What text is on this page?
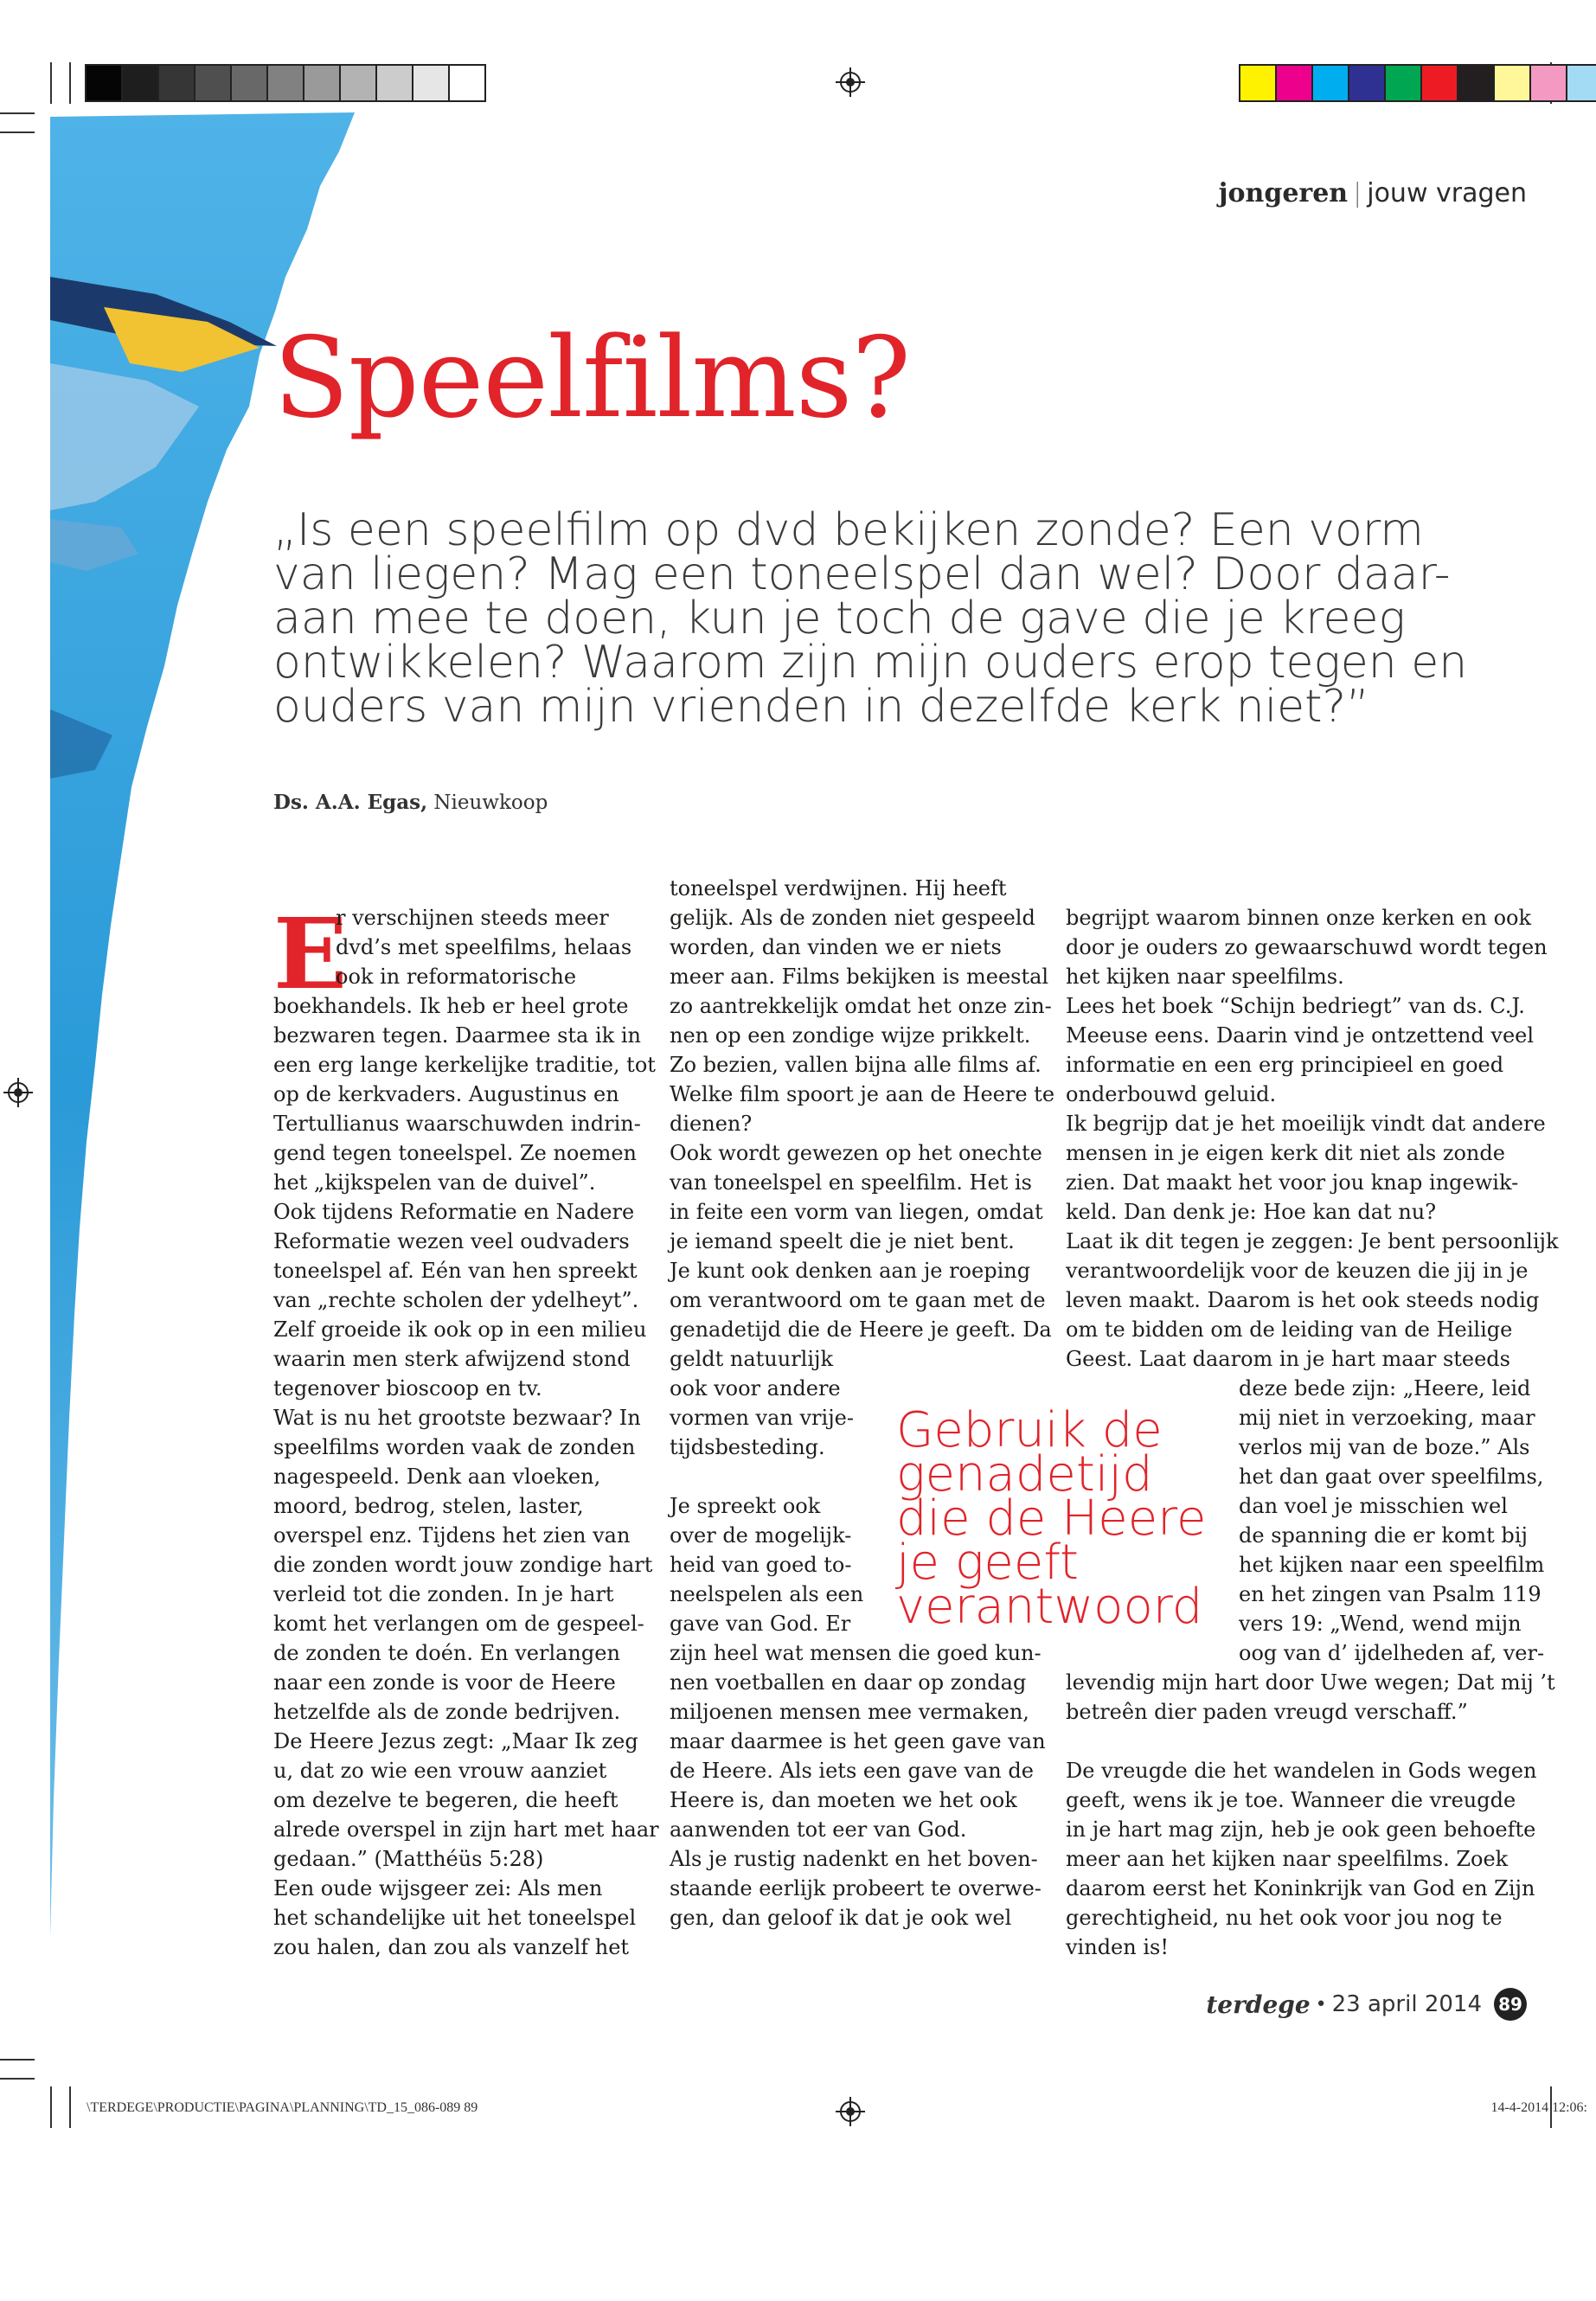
jongeren | jouw vragen
Speelfilms?

„Is een speelfilm op dvd bekijken zonde? Een vorm van liegen? Mag een toneelspel dan wel? Door daar-aan mee te doen, kun je toch de gave die je kreeg ontwikkelen? Waarom zijn mijn ouders erop tegen en ouders van mijn vrienden in dezelfde kerk niet?”

Ds. A.A. Egas, Nieuwkoop
E
r verschijnen steeds meer
dvd’s met speelfilms, helaas
ook in reformatorische
boekhandels. Ik heb er heel grote
bezwaren tegen. Daarmee sta ik in
een erg lange kerkelijke traditie, tot
op de kerkvaders. Augustinus en
Tertullianus waarschuwden indrin-
gend tegen toneelspel. Ze noemen
het „kijkspelen van de duivel”.
Ook tijdens Reformatie en Nadere
Reformatie wezen veel oudvaders
toneelspel af. Eén van hen spreekt
van „rechte scholen der ydelheyt”.
Zelf groeide ik ook op in een milieu
waarin men sterk afwijzend stond
tegenover bioscoop en tv.
Wat is nu het grootste bezwaar? In
speelfilms worden vaak de zonden
nagespeeld. Denk aan vloeken,
moord, bedrog, stelen, laster,
overspel enz. Tijdens het zien van
die zonden wordt jouw zondige hart
verleid tot die zonden. In je hart
komt het verlangen om de gespeel-
de zonden te doén. En verlangen
naar een zonde is voor de Heere
hetzelfde als de zonde bedrijven.
De Heere Jezus zegt: „Maar Ik zeg
u, dat zo wie een vrouw aanziet
om dezelve te begeren, die heeft
alrede overspel in zijn hart met haar
gedaan.” (Matthéüs 5:28)
Een oude wijsgeer zei: Als men
het schandelijke uit het toneelspel
zou halen, dan zou als vanzelf het
toneelspel verdwijnen. Hij heeft
gelijk. Als de zonden niet gespeeld
worden, dan vinden we er niets
meer aan. Films bekijken is meestal
zo aantrekkelijk omdat het onze zin-
nen op een zondige wijze prikkelt.
Zo bezien, vallen bijna alle films af.
Welke film spoort je aan de Heere te
dienen?
Ook wordt gewezen op het onechte
van toneelspel en speelfilm. Het is
in feite een vorm van liegen, omdat
je iemand speelt die je niet bent.
Je kunt ook denken aan je roeping
om verantwoord om te gaan met de
genadetijd die de Heere je geeft. Da
geldt natuurlijk
ook voor andere
vormen van vrije-
tijdsbesteding.
Je spreekt ook
over de mogelijk-
heid van goed to-
neelspelen als een
gave van God. Er
zijn heel wat mensen die goed kun-
nen voetballen en daar op zondag
miljoenen mensen mee vermaken,
maar daarmee is het geen gave van
de Heere. Als iets een gave van de
Heere is, dan moeten we het ook
aanwenden tot eer van God.
Als je rustig nadenkt en het boven-
staande eerlijk probeert te overwe-
gen, dan geloof ik dat je ook wel
begrijpt waarom binnen onze kerken en ook
door je ouders zo gewaarschuwd wordt tegen
het kijken naar speelfilms.
Lees het boek “Schijn bedriegt” van ds. C.J.
Meeuse eens. Daarin vind je ontzettend veel
informatie en een erg principieel en goed
onderbouwd geluid.
Ik begrijp dat je het moeilijk vindt dat andere
mensen in je eigen kerk dit niet als zonde
zien. Dat maakt het voor jou knap ingewik-
keld. Dan denk je: Hoe kan dat nu?
Laat ik dit tegen je zeggen: Je bent persoonlijk
verantwoordelijk voor de keuzen die jij in je
leven maakt. Daarom is het ook steeds nodig
om te bidden om de leiding van de Heilige
Geest. Laat daarom in je hart maar steeds
deze bede zijn: „Heere, leid
mij niet in verzoeking, maar
verlos mij van de boze.” Als
het dan gaat over speelfilms,
dan voel je misschien wel
de spanning die er komt bij
het kijken naar een speelfilm
en het zingen van Psalm 119
vers 19: „Wend, wend mijn
oog van d’ ijdelheden af, ver-
levendig mijn hart door Uwe wegen; Dat mij ’t
betreên dier paden vreugd verschaff.”
De vreugde die het wandelen in Gods wegen
geeft, wens ik je toe. Wanneer die vreugde
in je hart mag zijn, heb je ook geen behoefte
meer aan het kijken naar speelfilms. Zoek
daarom eerst het Koninkrijk van God en Zijn
gerechtigheid, nu het ook voor jou nog te
vinden is!
Gebruik de
genadetijd
die de Heere
je geeft
verantwoord
terdege • 23 april 2014 89
\TERDEGE\PRODUCTIE\PAGINA\PLANNING\TD_15_086-089 89	14-4-2014 12:06:
